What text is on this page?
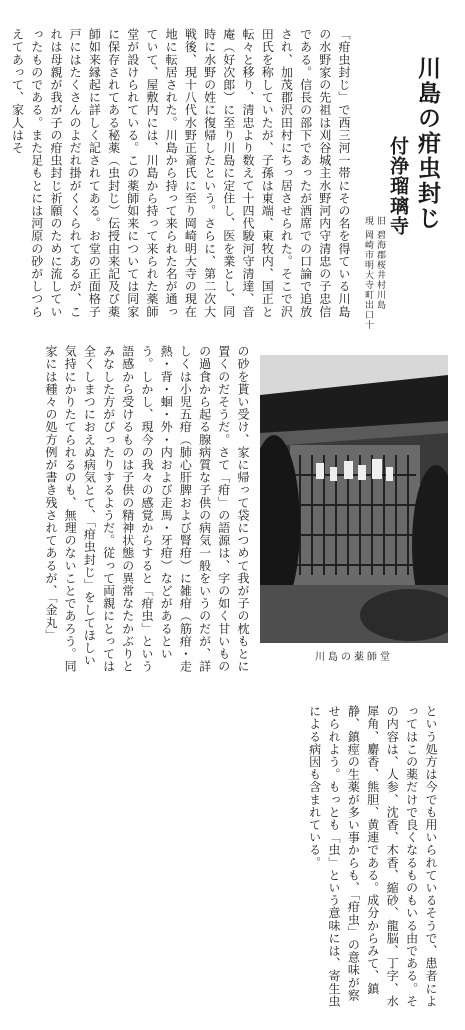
川島の疳虫封じ
付浄瑠璃寺
旧 碧海郡桜井村川島
現 岡崎市明大寺町出口十

「疳虫封じ」で西三河一帯にその名を得ている川島の水野家の先祖は刈谷城主水野河内守清忠の子忠信である。信長の部下であったが酒席での口論で追放され、加茂郡沢田村にちっ居させられた。そこで沢田氏を称していたが、子孫は東端、東牧内、国正と転々と移り、清忠より数えて十四代駿河守清達、音庵（好次郎）に至り川島に定住し、医を業とし、同時に水野の姓に復帰したという。さらに、第二次大戦後、現十八代水野正斎氏に至り岡崎明大寺の現在地に転居された。川島から持って来られた名が通っていて、屋敷内には、川島から持って来られた薬師堂が設けられている。この薬師如来については同家に保存されてある秘薬（虫封じ）伝授由来記及び薬師如来縁起に詳しく記されてある。お堂の正面格子戸にはたくさんのよだれ掛がくくられてあるが、これは母親が我が子の疳虫封じ祈願のために流していったものである。また足もとには河原の砂がしつらえてあって、家人はそ

の砂を貰い受け、家に帰って袋につめて我が子の枕もとに置くのだそうだ。さて「疳」の語源は、字の如く甘いものの過食から起る腺病質な子供の病気一般をいうのだが、詳しくは小児五疳（肺心肝脾および腎疳）に雑疳（筋疳・走熱・背・蛔・外・内および走馬・牙疳）などがあるという。しかし、現今の我々の感覚からすると「疳虫」という語感から受けるものは子供の精神状態の異常なたかぶりとみなした方がぴったりするようだ。従って両親にとっては全くしまつにおえぬ病気とて、「疳虫封じ」をしてほしい気持にかりたてられるのも、無理のないことであろう。同家には種々の処方例が書き残されてあるが、「金丸」

川島の薬師堂

という処方は今でも用いられているそうで、患者によってはこの薬だけで良くなるものもいる由である。その内容は、人参、沈香、木香、縮砂、龍脳、丁字、水犀角、麝香、熊胆、黄連である。成分からみて、鎮静、鎮痙の生薬が多い事からも、「疳虫」の意味が察せられよう。もっとも「虫」という意味には、寄生虫による病因も含まれている。
